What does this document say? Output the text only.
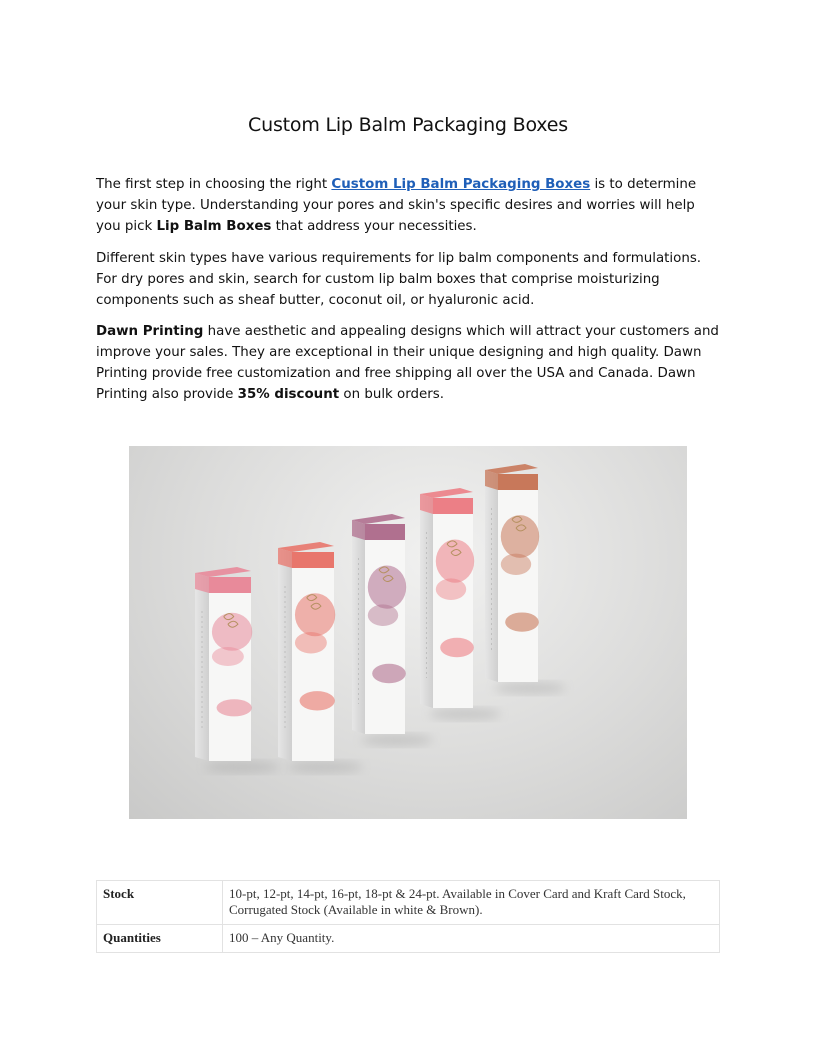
Custom Lip Balm Packaging Boxes

The first step in choosing the right Custom Lip Balm Packaging Boxes is to determine your skin type. Understanding your pores and skin's specific desires and worries will help you pick Lip Balm Boxes that address your necessities.

Different skin types have various requirements for lip balm components and formulations. For dry pores and skin, search for custom lip balm boxes that comprise moisturizing components such as sheaf butter, coconut oil, or hyaluronic acid.

Dawn Printing have aesthetic and appealing designs which will attract your customers and improve your sales. They are exceptional in their unique designing and high quality. Dawn Printing provide free customization and free shipping all over the USA and Canada. Dawn Printing also provide 35% discount on bulk orders.

Stock	10-pt, 12-pt, 14-pt, 16-pt, 18-pt & 24-pt. Available in Cover Card and Kraft Card Stock, Corrugated Stock (Available in white & Brown).
Quantities	100 – Any Quantity.
